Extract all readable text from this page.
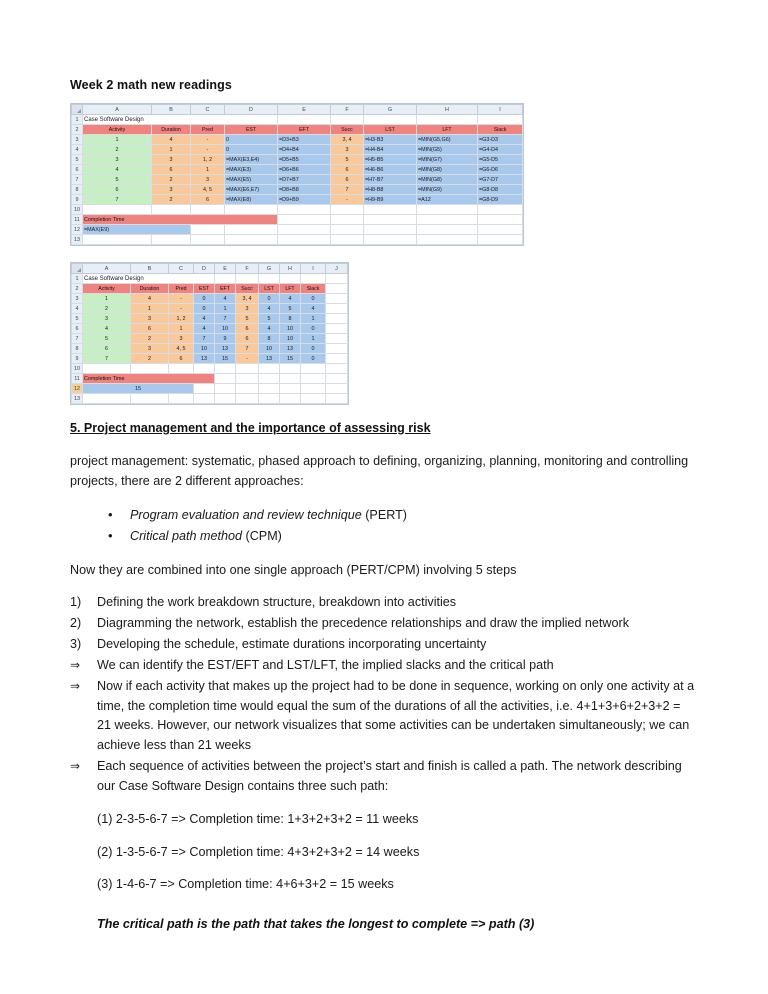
Week 2 math new readings
	A	B	C	D	E	F	G	H	I
1	Case Software Design								
2	Activity	Duration	Pred	EST	EFT	Succ	LST	LFT	Slack
3	1	4	-	0	=D3+B3	3, 4	=H3-B3	=MIN(G5,G6)	=G3-D3
4	2	1	-	0	=D4+B4	3	=H4-B4	=MIN(G5)	=G4-D4
5	3	3	1, 2	=MAX(E3,E4)	=D5+B5	5	=H5-B5	=MIN(G7)	=G5-D5
6	4	6	1	=MAX(E3)	=D6+B6	6	=H6-B6	=MIN(G8)	=G6-D6
7	5	2	3	=MAX(E5)	=D7+B7	6	=H7-B7	=MIN(G8)	=G7-D7
8	6	3	4, 5	=MAX(E6,E7)	=D8+B8	7	=H8-B8	=MIN(G9)	=G8-D8
9	7	2	6	=MAX(E8)	=D9+B9	-	=H9-B9	=A12	=G8-D9
10									
11	Completion Time								
12	=MAX(E9)								
13									
	A	B	C	D	E	F	G	H	I	J
1	Case Software Design									
2	Activity	Duration	Pred	EST	EFT	Succ	LST	LFT	Slack	
3	1	4	-	0	4	3, 4	0	4	0	
4	2	1	-	0	1	3	4	5	4	
5	3	3	1, 2	4	7	5	5	8	1	
6	4	6	1	4	10	6	4	10	0	
7	5	2	3	7	9	6	8	10	1	
8	6	3	4, 5	10	13	7	10	13	0	
9	7	2	6	13	15	-	13	15	0	
10										
11	Completion Time									
12	15									
13										
5. Project management and the importance of assessing risk

project management: systematic, phased approach to defining, organizing, planning, monitoring and controlling projects, there are 2 different approaches:

• Program evaluation and review technique (PERT)
• Critical path method (CPM)

Now they are combined into one single approach (PERT/CPM) involving 5 steps

1)	Defining the work breakdown structure, breakdown into activities
2)	Diagramming the network, establish the precedence relationships and draw the implied network
3)	Developing the schedule, estimate durations incorporating uncertainty
⇒	We can identify the EST/EFT and LST/LFT, the implied slacks and the critical path
⇒	Now if each activity that makes up the project had to be done in sequence, working on only one activity at a time, the completion time would equal the sum of the durations of all the activities, i.e. 4+1+3+6+2+3+2 = 21 weeks. However, our network visualizes that some activities can be undertaken simultaneously; we can achieve less than 21 weeks
⇒	Each sequence of activities between the project’s start and finish is called a path. The network describing our Case Software Design contains three such path:
(1) 2-3-5-6-7 => Completion time: 1+3+2+3+2 = 11 weeks
(2) 1-3-5-6-7 => Completion time: 4+3+2+3+2 = 14 weeks
(3) 1-4-6-7 => Completion time: 4+6+3+2 = 15 weeks
The critical path is the path that takes the longest to complete => path (3)
